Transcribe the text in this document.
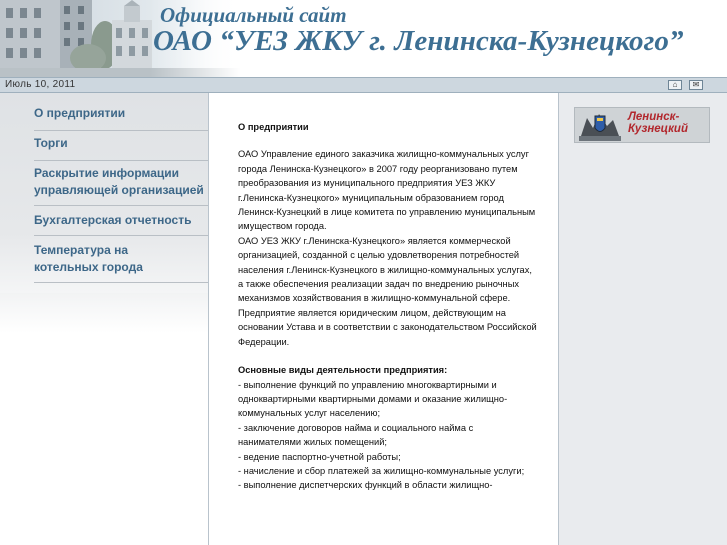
Официальный сайт
ОАО “УЕЗ ЖКУ г. Ленинска-Кузнецкого”
Июль 10, 2011	⌂	✉
О предприятии
Торги
Раскрытие информации
управляющей организацией
Бухгалтерская отчетность
Температура на
котельных города

О предприятии

ОАО Управление единого заказчика жилищно-коммунальных услуг города Ленинска-Кузнецкого» в 2007 году реорганизовано путем преобразования из муниципального предприятия УЕЗ ЖКУ г.Ленинска-Кузнецкого» муниципальным образованием город Ленинск-Кузнецкий в лице комитета по управлению муниципальным имуществом города.

ОАО УЕЗ ЖКУ г.Ленинска-Кузнецкого» является коммерческой организацией, созданной с целью удовлетворения потребностей населения г.Ленинск-Кузнецкого в жилищно-коммунальных услугах, а также обеспечения реализации задач по внедрению рыночных механизмов хозяйствования в жилищно-коммунальной сфере.

Предприятие является юридическим лицом, действующим на основании Устава и в соответствии с законодательством Российской Федерации.

Основные виды деятельности предприятия:

- выполнение функций по управлению многоквартирными и одноквартирными квартирными домами и оказание жилищно-коммунальных услуг населению;

- заключение договоров найма и социального найма с нанимателями жилых помещений;

- ведение паспортно-учетной работы;

- начисление и сбор платежей за жилищно-коммунальные услуги;

- выполнение диспетчерских функций в области жилищно-

Ленинск-
Кузнецкий
